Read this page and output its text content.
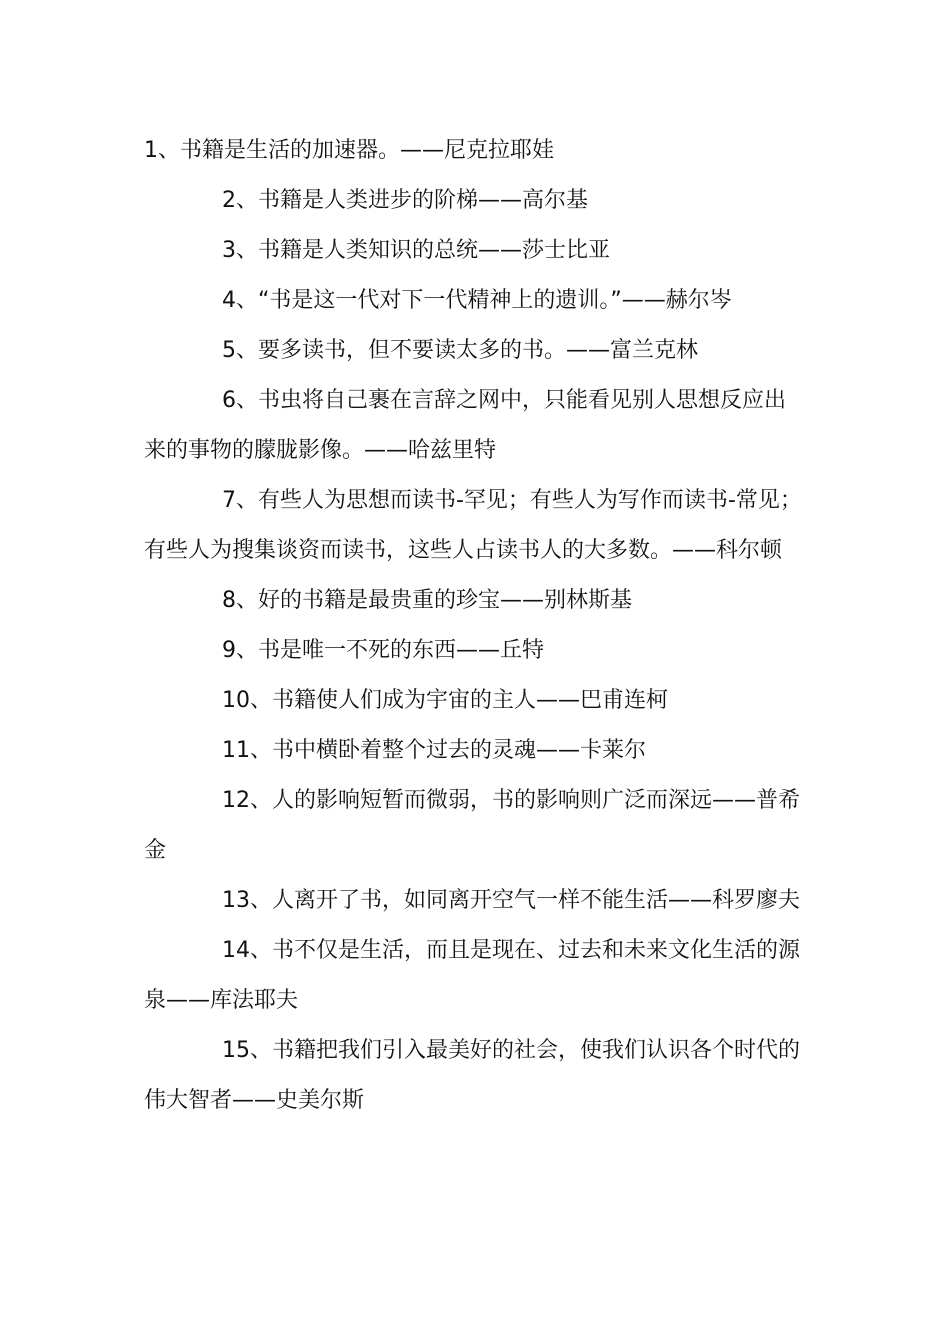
1、书籍是生活的加速器。——尼克拉耶娃

2、书籍是人类进步的阶梯——高尔基

3、书籍是人类知识的总统——莎士比亚

4、“书是这一代对下一代精神上的遗训。”——赫尔岑

5、要多读书，但不要读太多的书。——富兰克林

6、书虫将自己裹在言辞之网中，只能看见别人思想反应出来的事物的朦胧影像。——哈兹里特

7、有些人为思想而读书-罕见；有些人为写作而读书-常见；有些人为搜集谈资而读书，这些人占读书人的大多数。——科尔顿

8、好的书籍是最贵重的珍宝——别林斯基

9、书是唯一不死的东西——丘特

10、书籍使人们成为宇宙的主人——巴甫连柯

11、书中横卧着整个过去的灵魂——卡莱尔

12、人的影响短暂而微弱，书的影响则广泛而深远——普希金

13、人离开了书，如同离开空气一样不能生活——科罗廖夫

14、书不仅是生活，而且是现在、过去和未来文化生活的源泉——库法耶夫

15、书籍把我们引入最美好的社会，使我们认识各个时代的伟大智者——史美尔斯
